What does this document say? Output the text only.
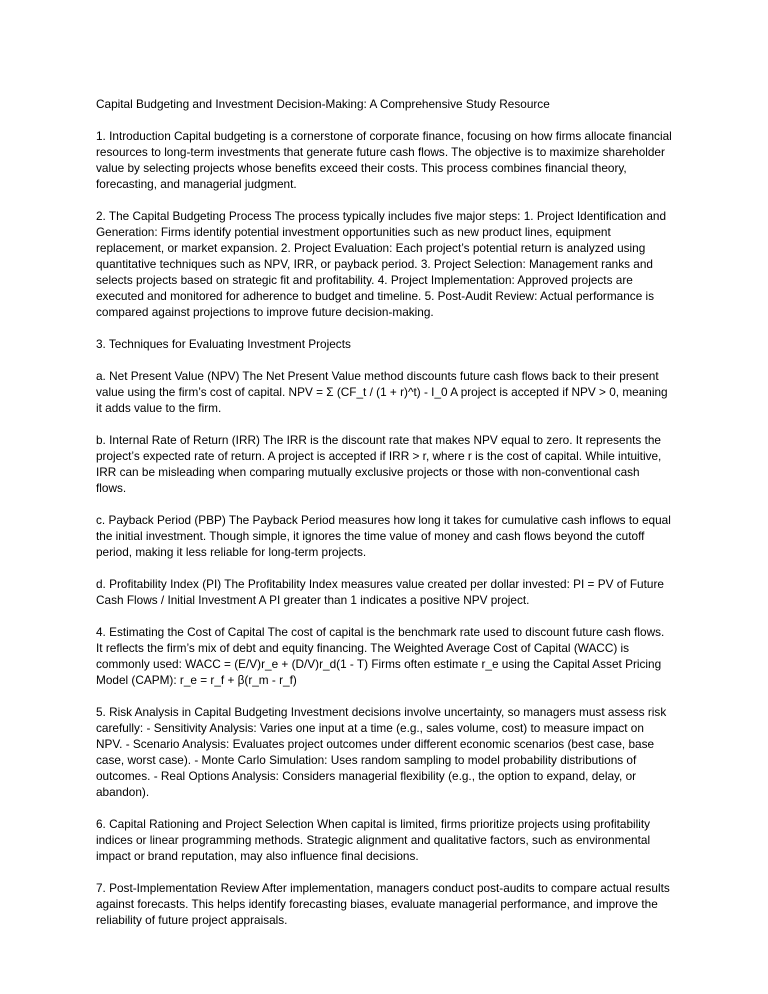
Capital Budgeting and Investment Decision-Making: A Comprehensive Study Resource

1. Introduction Capital budgeting is a cornerstone of corporate finance, focusing on how firms allocate financial resources to long-term investments that generate future cash flows. The objective is to maximize shareholder value by selecting projects whose benefits exceed their costs. This process combines financial theory, forecasting, and managerial judgment.

2. The Capital Budgeting Process The process typically includes five major steps: 1. Project Identification and Generation: Firms identify potential investment opportunities such as new product lines, equipment replacement, or market expansion. 2. Project Evaluation: Each project’s potential return is analyzed using quantitative techniques such as NPV, IRR, or payback period. 3. Project Selection: Management ranks and selects projects based on strategic fit and profitability. 4. Project Implementation: Approved projects are executed and monitored for adherence to budget and timeline. 5. Post-Audit Review: Actual performance is compared against projections to improve future decision-making.

3. Techniques for Evaluating Investment Projects

a. Net Present Value (NPV) The Net Present Value method discounts future cash flows back to their present value using the firm’s cost of capital. NPV = Σ (CF_t / (1 + r)^t) - I_0 A project is accepted if NPV > 0, meaning it adds value to the firm.

b. Internal Rate of Return (IRR) The IRR is the discount rate that makes NPV equal to zero. It represents the project’s expected rate of return. A project is accepted if IRR > r, where r is the cost of capital. While intuitive, IRR can be misleading when comparing mutually exclusive projects or those with non-conventional cash flows.

c. Payback Period (PBP) The Payback Period measures how long it takes for cumulative cash inflows to equal the initial investment. Though simple, it ignores the time value of money and cash flows beyond the cutoff period, making it less reliable for long-term projects.

d. Profitability Index (PI) The Profitability Index measures value created per dollar invested: PI = PV of Future Cash Flows / Initial Investment A PI greater than 1 indicates a positive NPV project.

4. Estimating the Cost of Capital The cost of capital is the benchmark rate used to discount future cash flows. It reflects the firm’s mix of debt and equity financing. The Weighted Average Cost of Capital (WACC) is commonly used: WACC = (E/V)r_e + (D/V)r_d(1 - T) Firms often estimate r_e using the Capital Asset Pricing Model (CAPM): r_e = r_f + β(r_m - r_f)

5. Risk Analysis in Capital Budgeting Investment decisions involve uncertainty, so managers must assess risk carefully: - Sensitivity Analysis: Varies one input at a time (e.g., sales volume, cost) to measure impact on NPV. - Scenario Analysis: Evaluates project outcomes under different economic scenarios (best case, base case, worst case). - Monte Carlo Simulation: Uses random sampling to model probability distributions of outcomes. - Real Options Analysis: Considers managerial flexibility (e.g., the option to expand, delay, or abandon).

6. Capital Rationing and Project Selection When capital is limited, firms prioritize projects using profitability indices or linear programming methods. Strategic alignment and qualitative factors, such as environmental impact or brand reputation, may also influence final decisions.

7. Post-Implementation Review After implementation, managers conduct post-audits to compare actual results against forecasts. This helps identify forecasting biases, evaluate managerial performance, and improve the reliability of future project appraisals.
